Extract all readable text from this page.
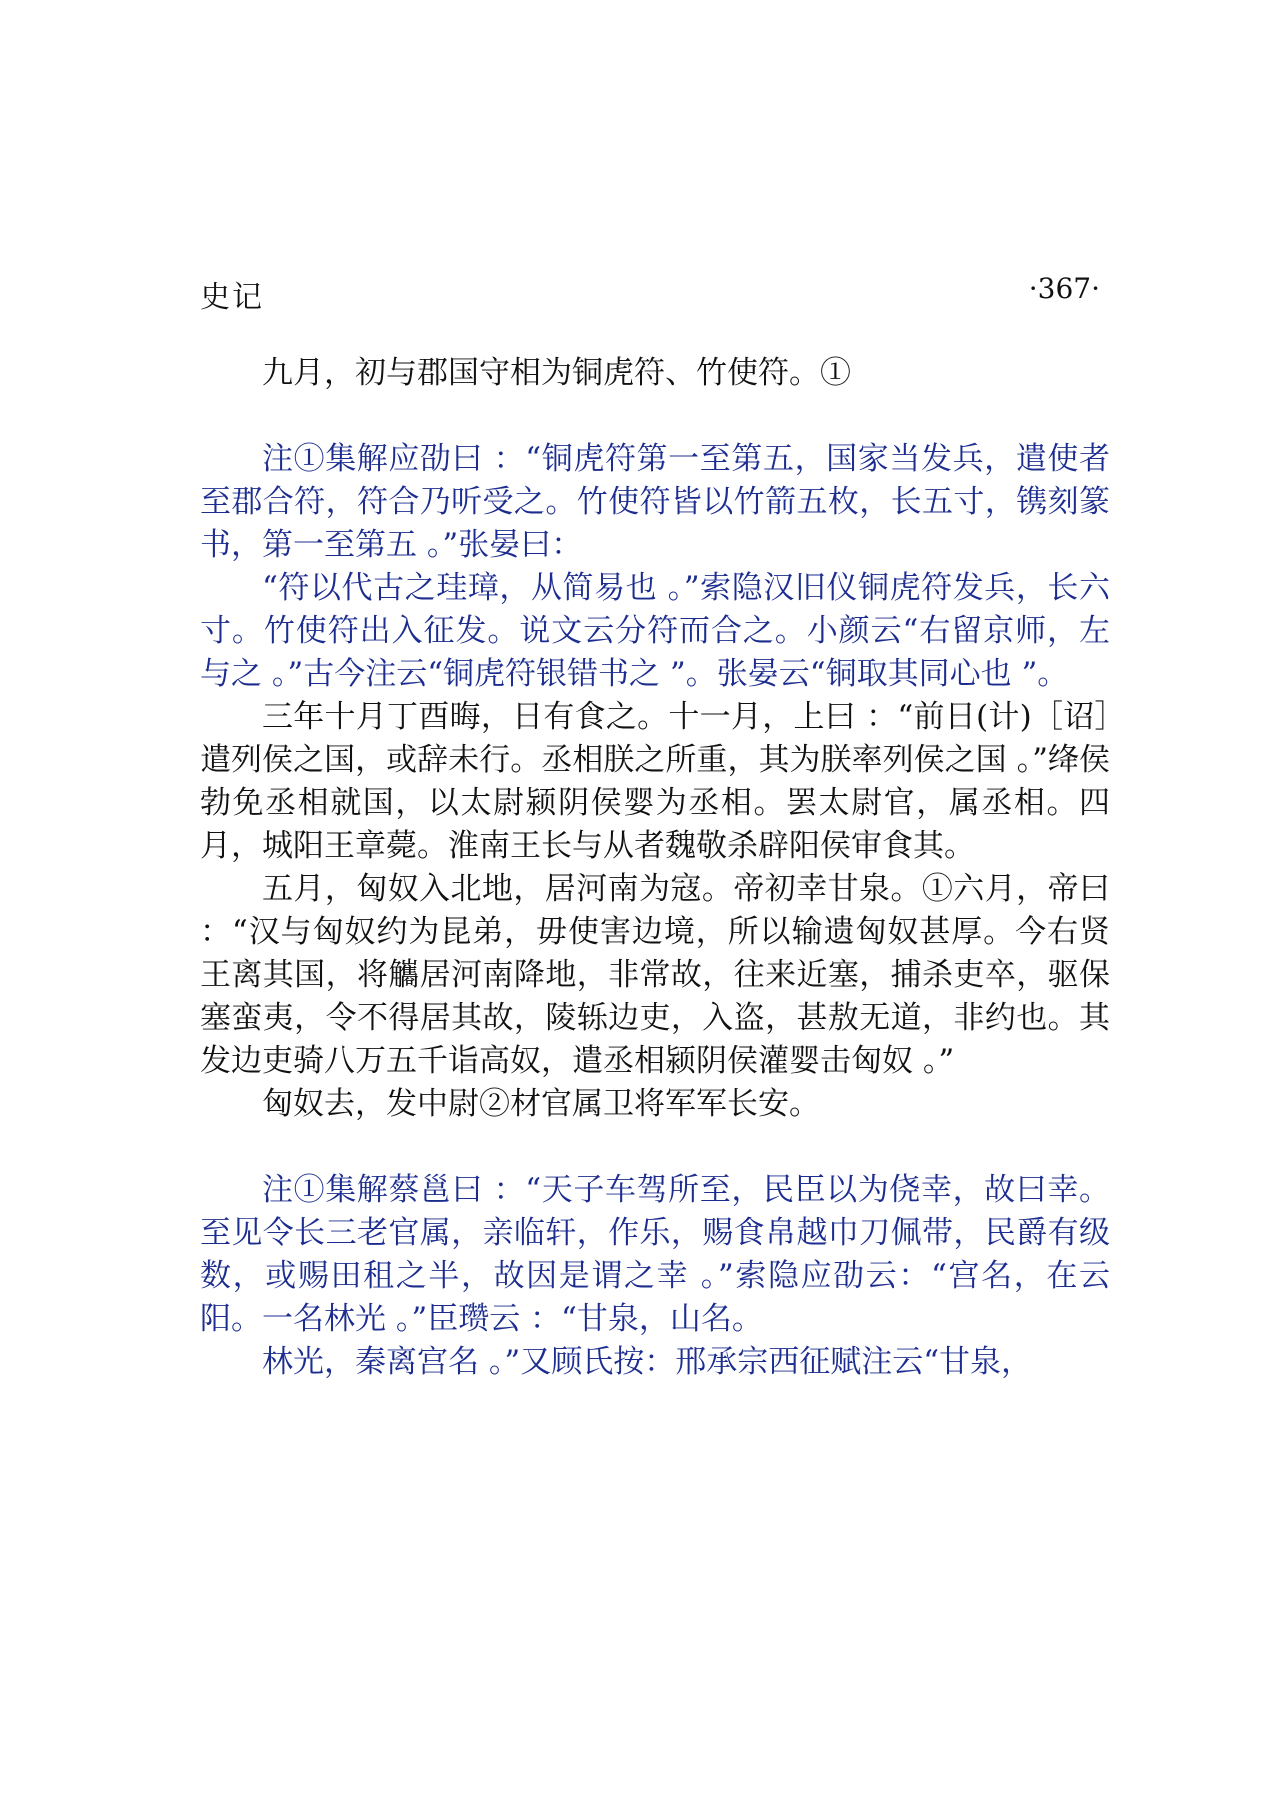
史记	·367·

九月，初与郡国守相为铜虎符、竹使符。①

注①集解应劭曰 ：“铜虎符第一至第五，国家当发兵，遣使者至郡合符，符合乃听受之。竹使符皆以竹箭五枚，长五寸，镌刻篆书，第一至第五 。”张晏曰：

“符以代古之珪璋，从简易也 。”索隐汉旧仪铜虎符发兵，长六寸。竹使符出入征发。说文云分符而合之。小颜云“右留京师，左与之 。”古今注云“铜虎符银错书之 ”。张晏云“铜取其同心也 ”。

三年十月丁酉晦，日有食之。十一月，上曰 ：“前日(计)［诏］遣列侯之国，或辞未行。丞相朕之所重，其为朕率列侯之国 。”绛侯勃免丞相就国，以太尉颍阴侯婴为丞相。罢太尉官，属丞相。四月，城阳王章薨。淮南王长与从者魏敬杀辟阳侯审食其。

五月，匈奴入北地，居河南为寇。帝初幸甘泉。①六月，帝曰 ：“汉与匈奴约为昆弟，毋使害边境，所以输遗匈奴甚厚。今右贤王离其国，将觿居河南降地，非常故，往来近塞，捕杀吏卒，驱保塞蛮夷，令不得居其故，陵轹边吏，入盗，甚敖无道，非约也。其发边吏骑八万五千诣高奴，遣丞相颍阴侯灌婴击匈奴 。”

匈奴去，发中尉②材官属卫将军军长安。

注①集解蔡邕曰 ：“天子车驾所至，民臣以为侥幸，故曰幸。至见令长三老官属，亲临轩，作乐，赐食帛越巾刀佩带，民爵有级数，或赐田租之半，故因是谓之幸 。”索隐应劭云：“宫名，在云阳。一名林光 。”臣瓒云 ：“甘泉，山名。

林光，秦离宫名 。”又顾氏按：邢承宗西征赋注云“甘泉，
